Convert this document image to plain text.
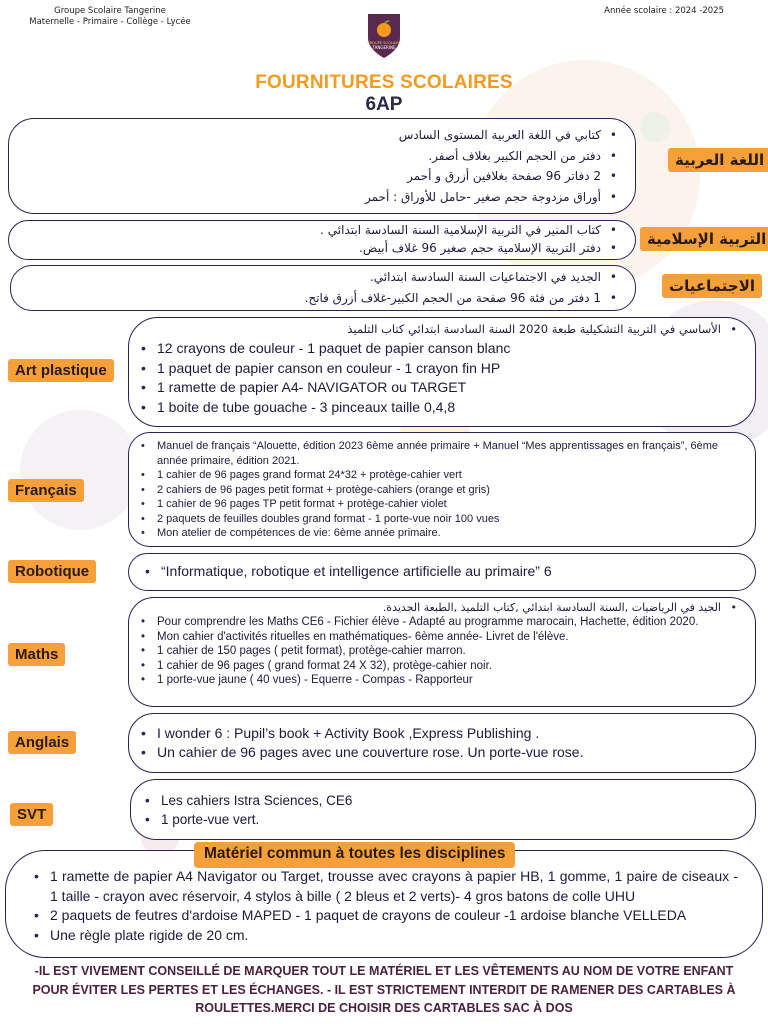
Groupe Scolaire Tangerine
Maternelle - Primaire - Collège - Lycée
Année scolaire : 2024 -2025
GROUPE SCOLAIRE
TANGERINE
FOURNITURES SCOLAIRES
6AP
• كتابي في اللغة العربية المستوى السادس
• دفتر من الحجم الكبير بغلاف أصفر.
• 2 دفاتر 96 صفحة بغلافين أزرق و أحمر
• أوراق مزدوجة حجم صغير -حامل للأوراق : أحمر
اللغة العربية
• كتاب المنير في التربية الإسلامية السنة السادسة ابتدائي .
• دفتر التربية الإسلامية حجم صغير 96 غلاف أبيض.	التربية الإسلامية
• الجديد في الاجتماعيات السنة السادسة ابتدائي.
• 1 دفتر من فئة 96 صفحة من الحجم الكبير-غلاف أزرق فاتح.
الاجتماعيات
• الأساسي في التربية التشكيلية طبعة 2020 السنة السادسة ابتدائي كتاب التلميذ
• 12 crayons de couleur - 1 paquet de papier canson blanc
• 1 paquet de papier canson en couleur - 1 crayon fin HP
• 1 ramette de papier A4- NAVIGATOR ou TARGET
• 1 boite de tube gouache - 3 pinceaux taille 0,4,8
Art plastique
• Manuel de français “Alouette, édition 2023 6ème année primaire + Manuel “Mes apprentissages en français”, 6ème année primaire, édition 2021.
• 1 cahier de 96 pages grand format 24*32 + protège-cahier vert
• 2 cahiers de 96 pages petit format + protège-cahiers (orange et gris)
• 1 cahier de 96 pages TP petit format + protège-cahier violet
• 2 paquets de feuilles doubles grand format - 1 porte-vue noir 100 vues
• Mon atelier de compétences de vie: 6ème année primaire.
Français
• “Informatique, robotique et intelligence artificielle au primaire” 6
Robotique
• الجيد في الرياضيات ,السنة السادسة ابتدائي ,كتاب التلميذ ,الطبعة الجديدة.
• Pour comprendre les Maths CE6 - Fichier élève - Adapté au programme marocain, Hachette, édition 2020.
• Mon cahier d'activités rituelles en mathématiques- 6ème année- Livret de l'élève.
• 1 cahier de 150 pages ( petit format), protège-cahier marron.
• 1 cahier de 96 pages ( grand format 24 X 32), protège-cahier noir.
• 1 porte-vue jaune ( 40 vues) - Equerre - Compas - Rapporteur
Maths
• I wonder 6 : Pupil’s book + Activity Book ,Express Publishing .
• Un cahier de 96 pages avec une couverture rose. Un porte-vue rose.
Anglais
• Les cahiers Istra Sciences, CE6
• 1 porte-vue vert.
SVT
• 1 ramette de papier A4 Navigator ou Target, trousse avec crayons à papier HB, 1 gomme, 1 paire de ciseaux - 1 taille - crayon avec réservoir, 4 stylos à bille ( 2 bleus et 2 verts)- 4 gros batons de colle UHU
• 2 paquets de feutres d'ardoise MAPED - 1 paquet de crayons de couleur -1 ardoise blanche VELLEDA
• Une règle plate rigide de 20 cm.
Matériel commun à toutes les disciplines
-IL EST VIVEMENT CONSEILLÉ DE MARQUER TOUT LE MATÉRIEL ET LES VÊTEMENTS AU NOM DE VOTRE ENFANT POUR ÉVITER LES PERTES ET LES ÉCHANGES. - IL EST STRICTEMENT INTERDIT DE RAMENER DES CARTABLES À ROULETTES.MERCI DE CHOISIR DES CARTABLES SAC À DOS
